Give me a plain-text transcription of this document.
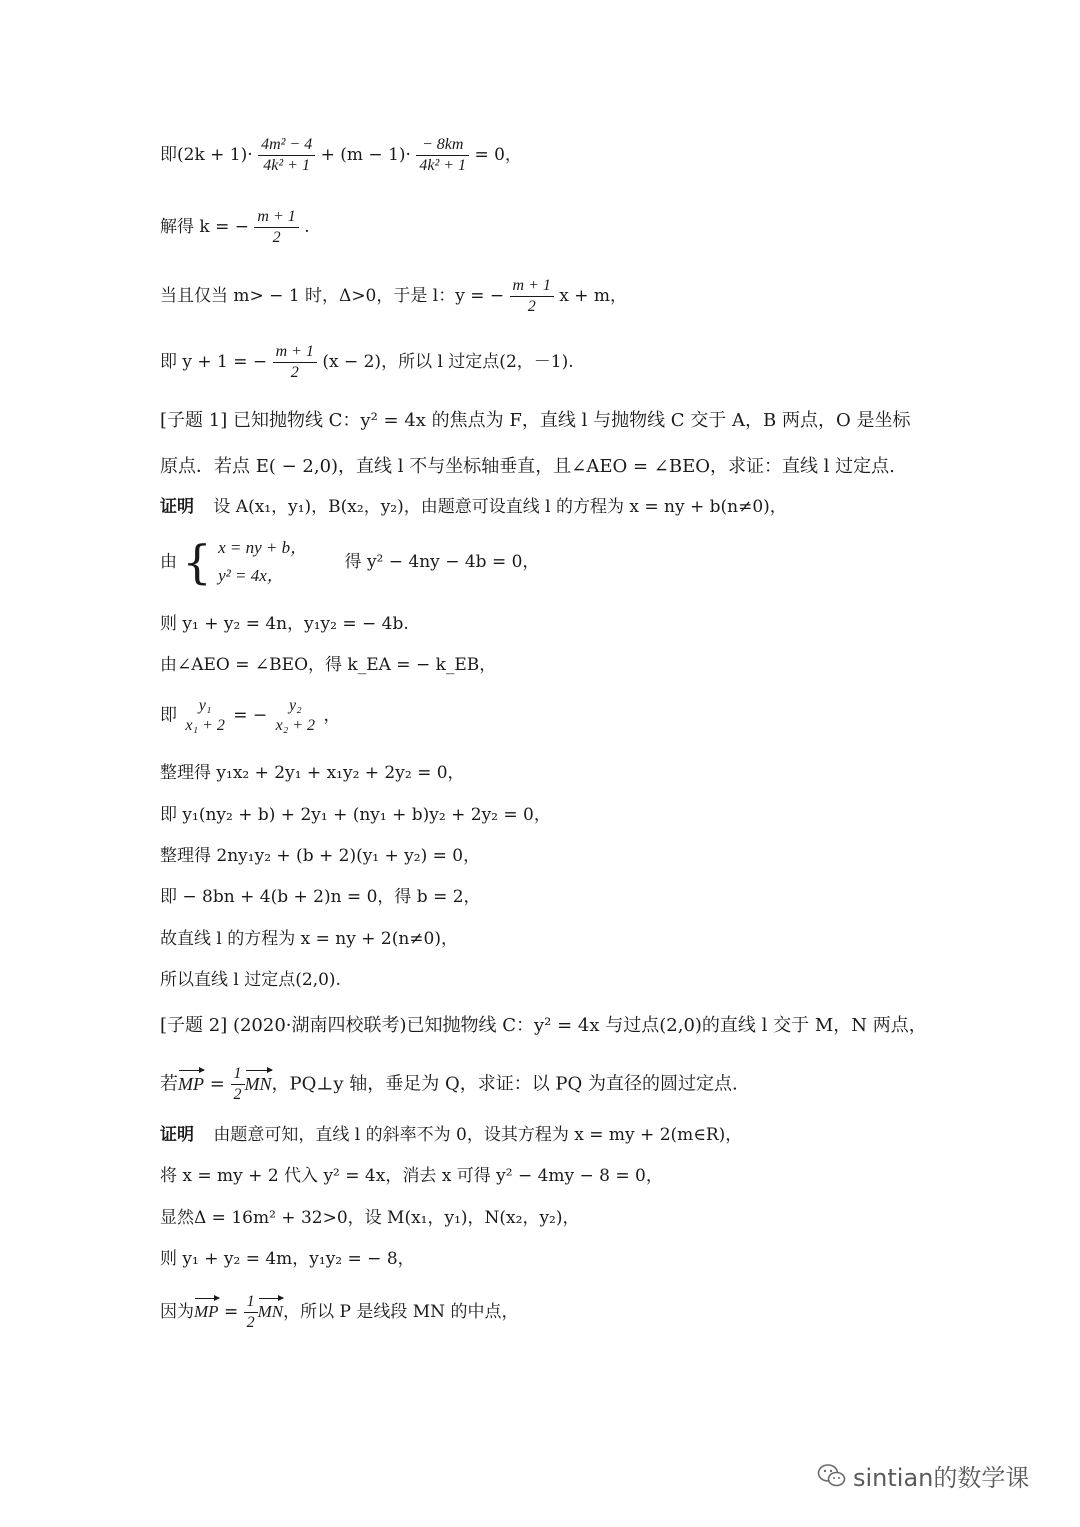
即$(2k + 1)\cdot \frac{\text{4m² − 4}}{\text{4k² + 1}} + (m - 1)\cdot \frac{- 8km}{\text{4k² + 1}} = 0$，
解得 k = − $\frac{m + 1}{2}$ .
当且仅当 m> − 1 时，Δ>0，于是 l：y = − $\frac{m + 1}{2}$ x + m，
即 y + 1 = − $\frac{m + 1}{2} (x - 2)$，所以 l 过定点(2，－1).
[子题 1] 已知抛物线 C：y² = 4x 的焦点为 F，直线 l 与抛物线 C 交于 A，B 两点，O 是坐标
原点．若点 E( − 2,0)，直线 l 不与坐标轴垂直，且∠AEO = ∠BEO，求证：直线 l 过定点.
证明 设 A(x₁，y₁)，B(x₂，y₂)，由题意可设直线 l 的方程为 x = ny + b(n≠0)，
由 { x = ny + b，
y² = 4x，
得 y² − 4ny − 4b = 0，
则 y₁ + y₂ = 4n，y₁y₂ = − 4b.
由∠AEO = ∠BEO，得 k_EA = − k_EB，
即	y₁
x₁ + 2 = −	y₂
x₂ + 2 ，
整理得 y₁x₂ + 2y₁ + x₁y₂ + 2y₂ = 0，
即 y₁(ny₂ + b) + 2y₁ + (ny₁ + b)y₂ + 2y₂ = 0，
整理得 2ny₁y₂ + (b + 2)(y₁ + y₂) = 0，
即 − 8bn + 4(b + 2)n = 0，得 b = 2，
故直线 l 的方程为 x = ny + 2(n≠0)，
所以直线 l 过定点(2,0).
[子题 2] (2020·湖南四校联考)已知抛物线 C：y² = 4x 与过点(2,0)的直线 l 交于 M，N 两点，
若MP = $\frac{1}{2}$ MN，PQ⊥y 轴，垂足为 Q，求证：以 PQ 为直径的圆过定点.
证明 由题意可知，直线 l 的斜率不为 0，设其方程为 x = my + 2(m∈R)，
将 x = my + 2 代入 y² = 4x，消去 x 可得 y² − 4my − 8 = 0，
显然Δ = 16m² + 32>0，设 M(x₁，y₁)，N(x₂，y₂)，
则 y₁ + y₂ = 4m，y₁y₂ = − 8，
因为MP = $\frac{1}{2}$ MN，所以 P 是线段 MN 的中点，
sintian的数学课
